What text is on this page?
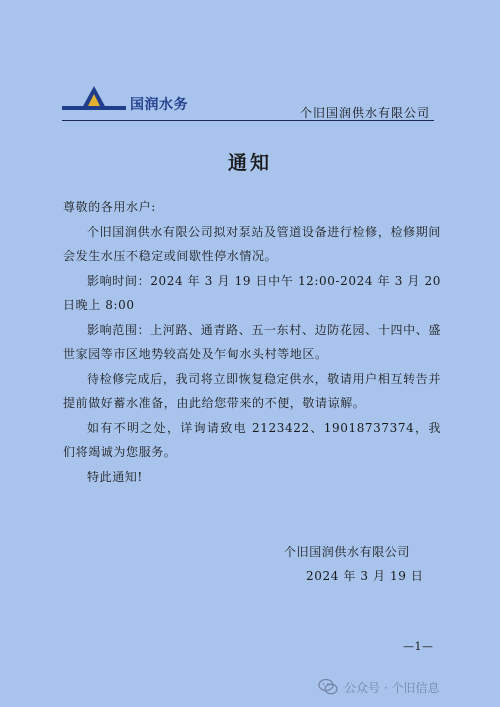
国润水务	个旧国润供水有限公司
通知

尊敬的各用水户:

个旧国润供水有限公司拟对泵站及管道设备进行检修，检修期间会发生水压不稳定或间歇性停水情况。

影响时间：2024 年 3 月 19 日中午 12:00-2024 年 3 月 20 日晚上 8:00

影响范围：上河路、通青路、五一东村、边防花园、十四中、盛世家园等市区地势较高处及乍甸水头村等地区。

待检修完成后，我司将立即恢复稳定供水，敬请用户相互转告并提前做好蓄水准备，由此给您带来的不便，敬请谅解。

如有不明之处，详询请致电 2123422、19018737374，我们将竭诚为您服务。

特此通知!

个旧国润供水有限公司
2024 年 3 月 19 日
—1—
公众号 · 个旧信息
